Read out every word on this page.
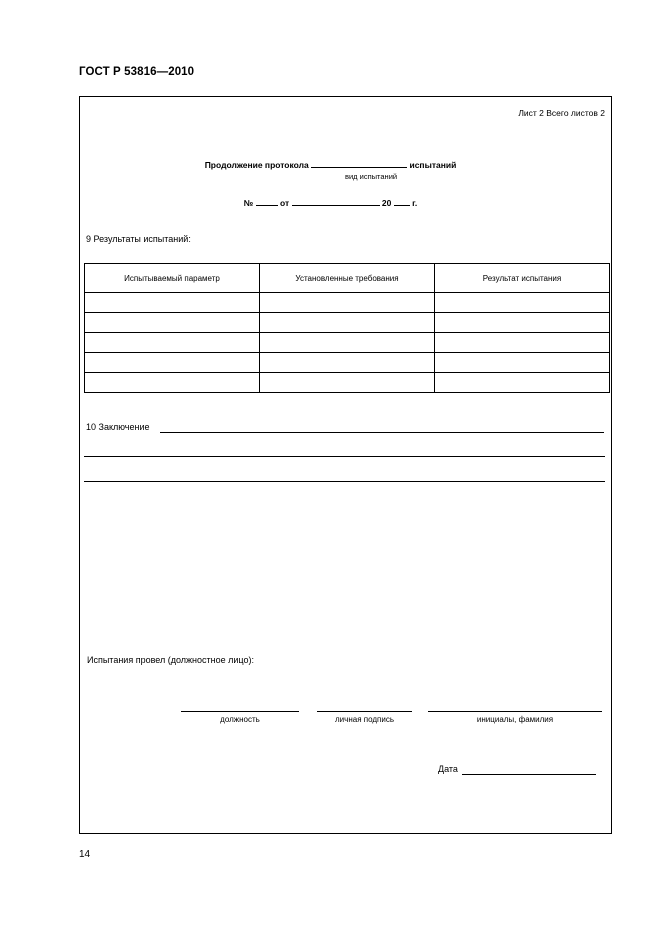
ГОСТ Р 53816—2010
Лист 2 Всего листов 2
Продолжение протокола	испытаний
вид испытаний
№	от	20 г.
9 Результаты испытаний:
Испытываемый параметр	Установленные требования	Результат испытания

10 Заключение
Испытания провел (должностное лицо):
должность	личная подпись	инициалы, фамилия
Дата
14
